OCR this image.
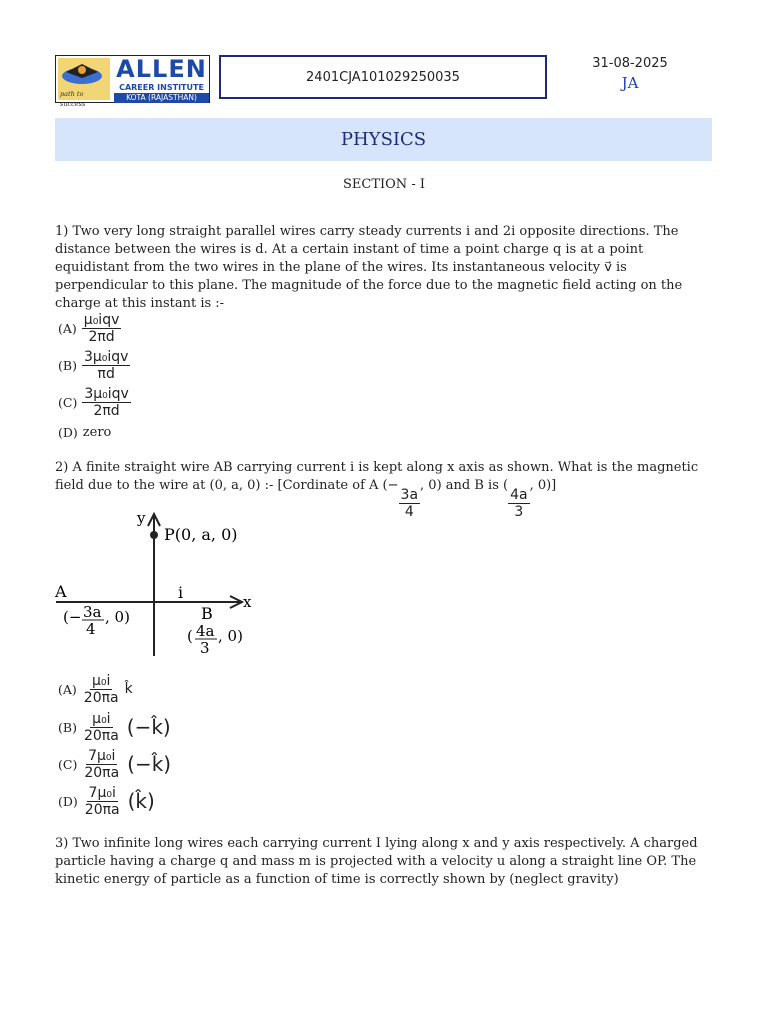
path to success
ALLEN
CAREER INSTITUTE
KOTA (RAJASTHAN)
2401CJA101029250035
31-08-2025
JA
PHYSICS
SECTION - I
1) Two very long straight parallel wires carry steady currents i and 2i opposite directions. The distance between the wires is d. At a certain instant of time a point charge q is at a point equidistant from the two wires in the plane of the wires. Its instantaneous velocity v⃗ is perpendicular to this plane. The magnitude of the force due to the magnetic field acting on the charge at this instant is :-
$(A) \frac{\text{μ₀iqv}}{2\pi d}$
$(B) \frac{\text{3μ₀iqv}}{\pi d}$
$(C) \frac{\text{3μ₀iqv}}{2\pi d}$
(D) zero
2) A finite straight wire AB carrying current i is kept along x axis as shown. What is the magnetic field due to the wire at (0, a, 0) :- [Cordinate of A (−
$\frac{3a}{4}$
, 0) and B is (
$\frac{4a}{3}$
, 0)]
y
x
P(0, a, 0)
A	i
B
(− 3a
4
, 0)
( 4a
3
, 0)
$(A) \frac{\text{μ₀i}}{20\pi a}$ k̂
$(B) \frac{\text{μ₀i}}{20\pi a}$ (−k̂)
$(C) \frac{\text{7μ₀i}}{20\pi a}$ (−k̂)
$(D) \frac{\text{7μ₀i}}{20\pi a}$ (k̂)
3) Two infinite long wires each carrying current I lying along x and y axis respectively. A charged particle having a charge q and mass m is projected with a velocity u along a straight line OP. The kinetic energy of particle as a function of time is correctly shown by (neglect gravity)
